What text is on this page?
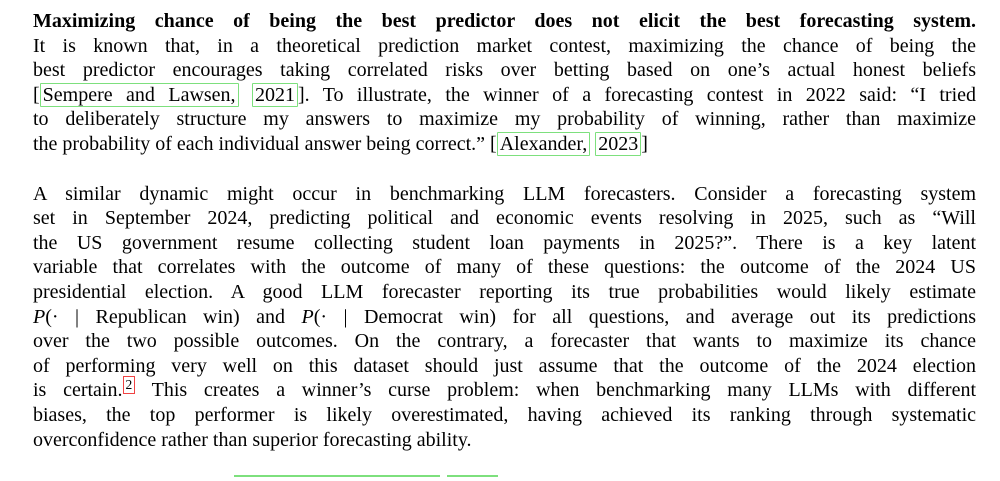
Maximizing chance of being the best predictor does not elicit the best forecasting system.
It is known that, in a theoretical prediction market contest, maximizing the chance of being the
best predictor encourages taking correlated risks over betting based on one’s actual honest beliefs
[ Sempere and Lawsen, 2021 ]. To illustrate, the winner of a forecasting contest in 2022 said: “I tried
to deliberately structure my answers to maximize my probability of winning, rather than maximize
the probability of each individual answer being correct.” [ Alexander, 2023 ]
A similar dynamic might occur in benchmarking LLM forecasters. Consider a forecasting system
set in September 2024, predicting political and economic events resolving in 2025, such as “Will
the US government resume collecting student loan payments in 2025?”. There is a key latent
variable that correlates with the outcome of many of these questions: the outcome of the 2024 US
presidential election. A good LLM forecaster reporting its true probabilities would likely estimate
P(· | Republican win) and P(· | Democrat win) for all questions, and average out its predictions
over the two possible outcomes. On the contrary, a forecaster that wants to maximize its chance
of performing very well on this dataset should just assume that the outcome of the 2024 election
is certain. $^2$ This creates a winner’s curse problem: when benchmarking many LLMs with different
biases, the top performer is likely overestimated, having achieved its ranking through systematic
overconfidence rather than superior forecasting ability.
